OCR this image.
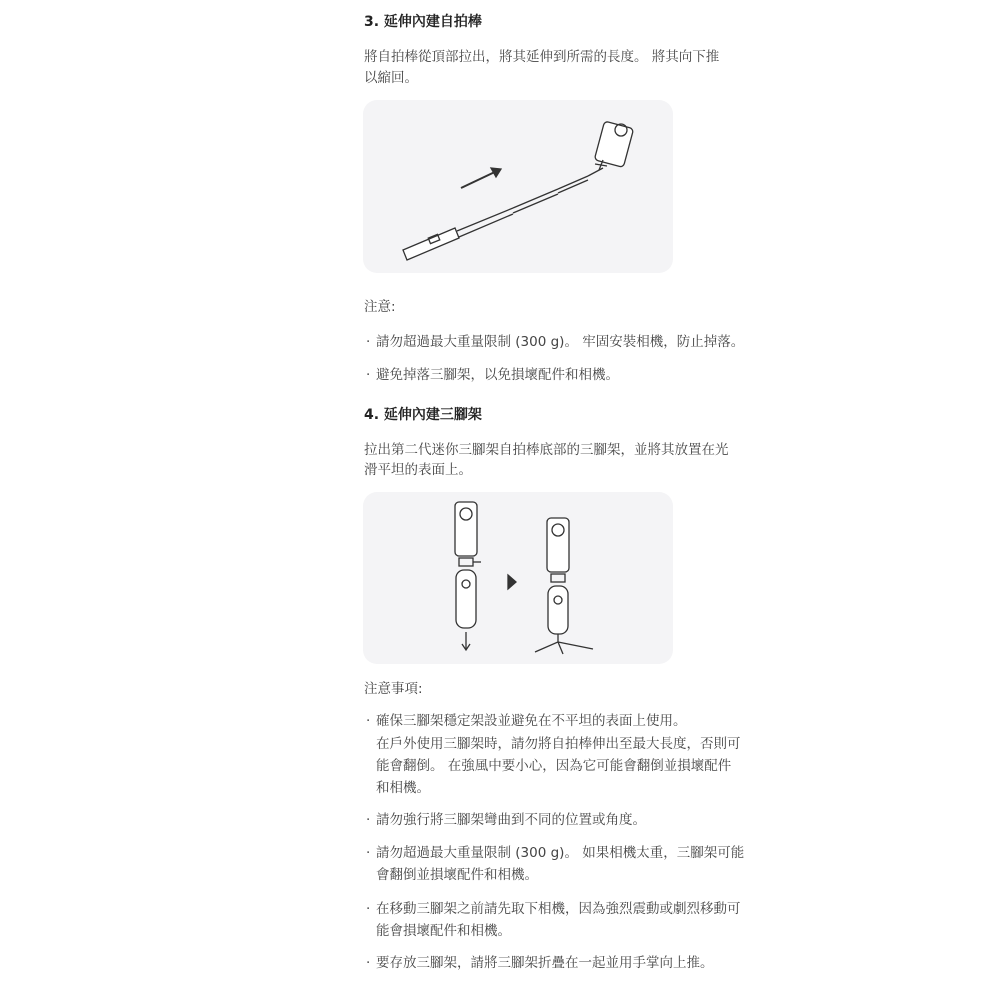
3. 延伸內建自拍棒
將自拍棒從頂部拉出，將其延伸到所需的長度。 將其向下推
以縮回。
注意:
· 請勿超過最大重量限制 (300 g)。 牢固安裝相機，防止掉落。
· 避免掉落三腳架，以免損壞配件和相機。
4. 延伸內建三腳架
拉出第二代迷你三腳架自拍棒底部的三腳架，並將其放置在光
滑平坦的表面上。
注意事項:
· 確保三腳架穩定架設並避免在不平坦的表面上使用。
在戶外使用三腳架時，請勿將自拍棒伸出至最大長度，否則可
能會翻倒。 在強風中要小心，因為它可能會翻倒並損壞配件
和相機。
· 請勿強行將三腳架彎曲到不同的位置或角度。
· 請勿超過最大重量限制 (300 g)。 如果相機太重，三腳架可能
會翻倒並損壞配件和相機。
· 在移動三腳架之前請先取下相機，因為強烈震動或劇烈移動可
能會損壞配件和相機。
· 要存放三腳架，請將三腳架折疊在一起並用手掌向上推。
